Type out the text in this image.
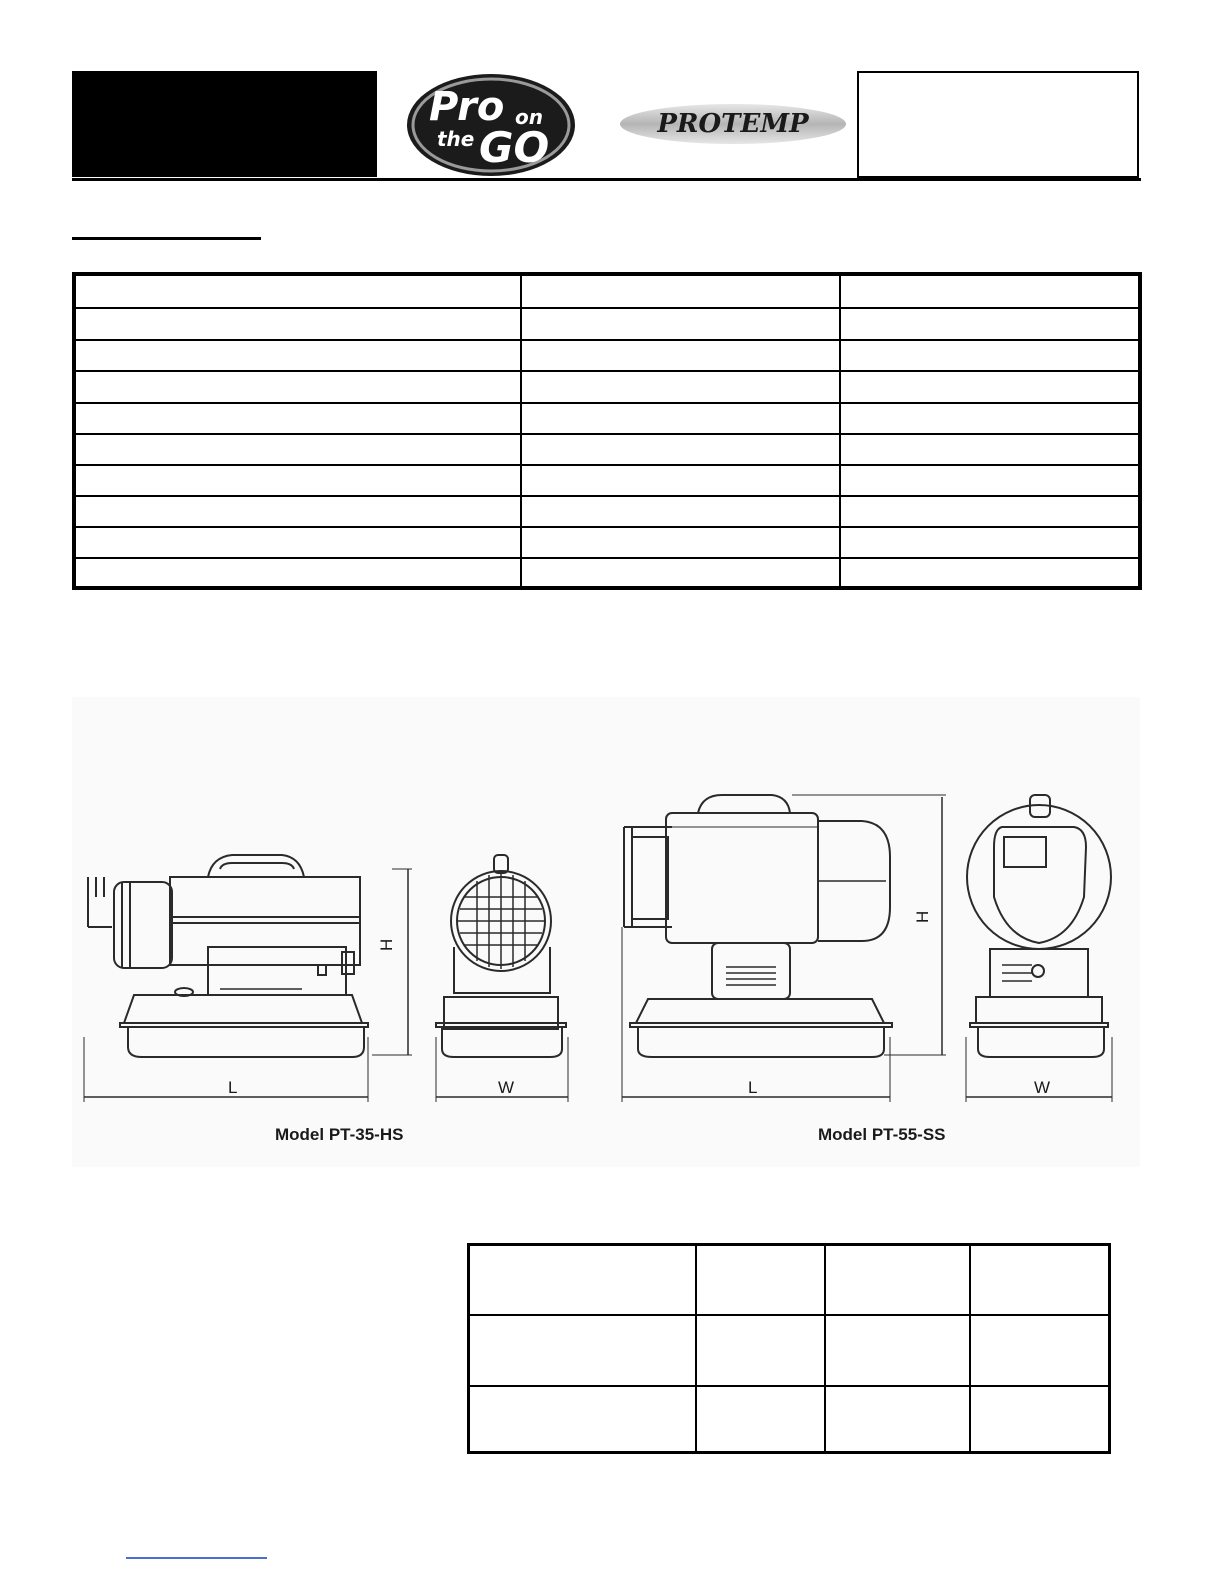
Pro on
the GO	PROTEMP
L	W	L	W
H
H
Model PT-35-HS	Model PT-55-SS
